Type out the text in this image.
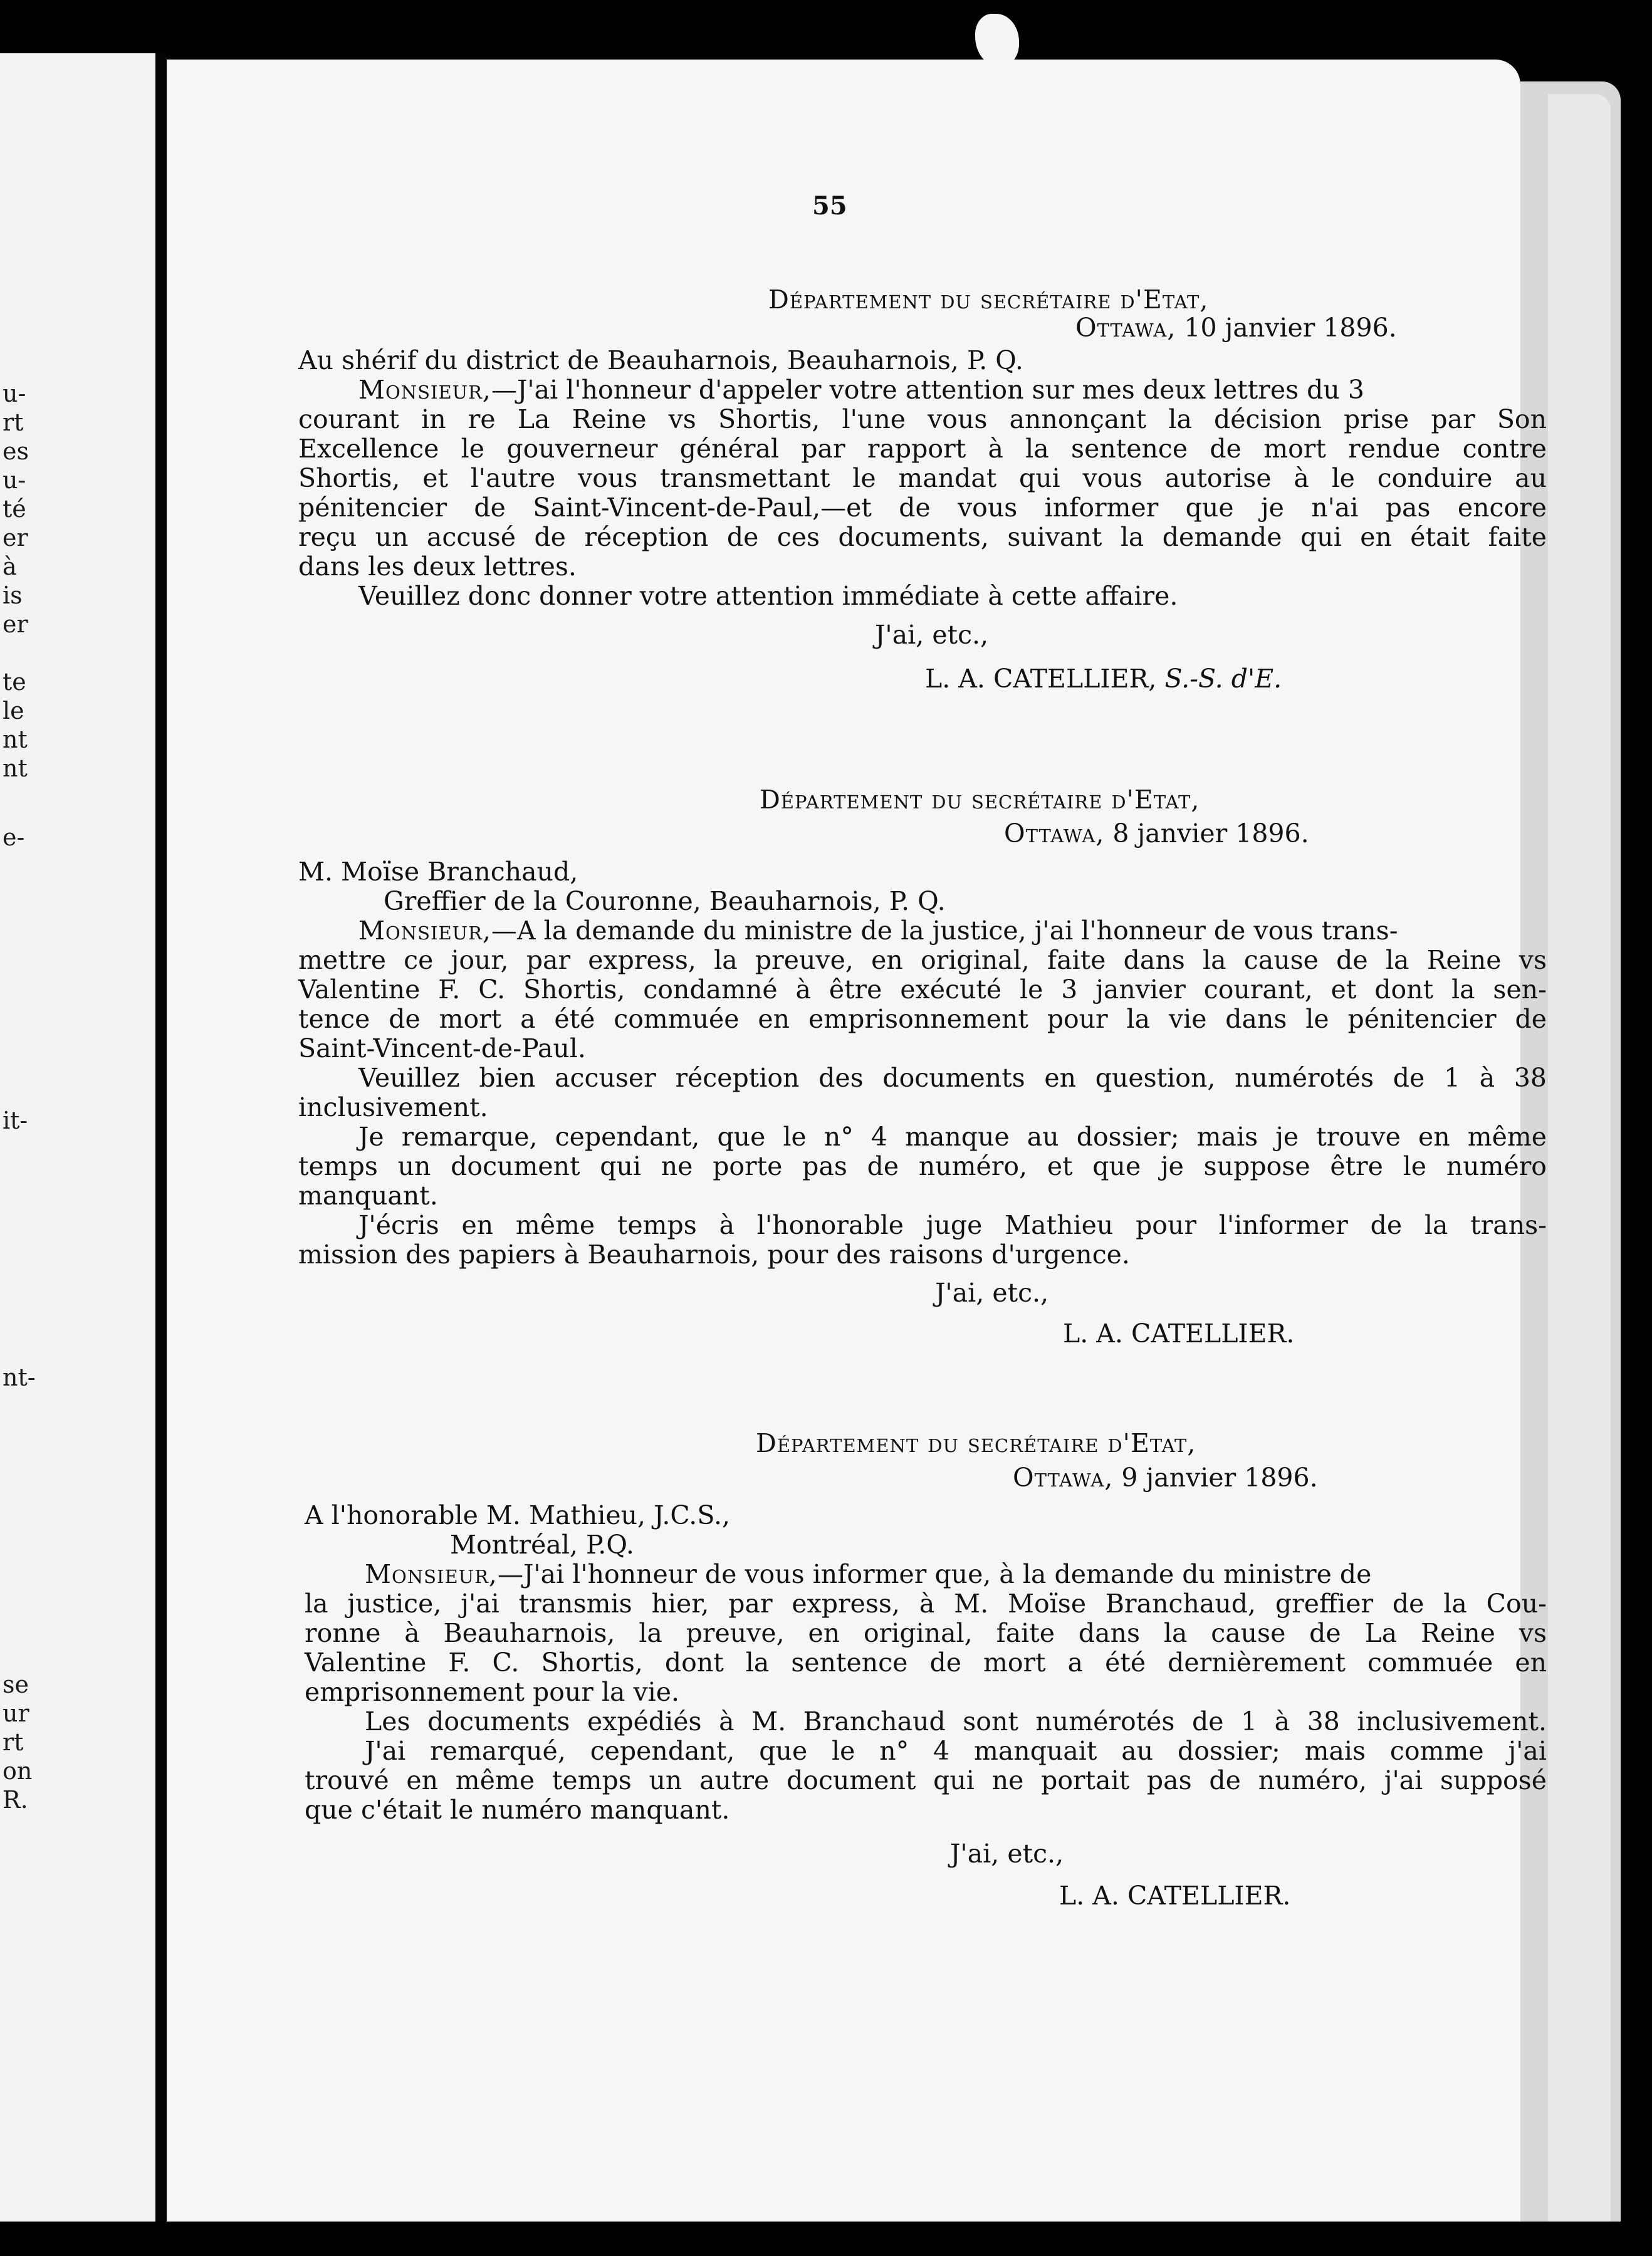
u-
rt
es
u-
té
er
à
is
er
te
le
nt
nt
e-
it-
nt-
se
ur
rt
on
R.
55
Département du secrétaire d'Etat,
Ottawa, 10 janvier 1896.
Au shérif du district de Beauharnois, Beauharnois, P. Q.
Monsieur,—J'ai l'honneur d'appeler votre attention sur mes deux lettres du 3
courant in re La Reine vs Shortis, l'une vous annonçant la décision prise par Son
Excellence le gouverneur général par rapport à la sentence de mort rendue contre
Shortis, et l'autre vous transmettant le mandat qui vous autorise à le conduire au
pénitencier de Saint-Vincent-de-Paul,—et de vous informer que je n'ai pas encore
reçu un accusé de réception de ces documents, suivant la demande qui en était faite
dans les deux lettres.
Veuillez donc donner votre attention immédiate à cette affaire.
J'ai, etc.,
L. A. CATELLIER, S.-S. d'E.
Département du secrétaire d'Etat,
Ottawa, 8 janvier 1896.
M. Moïse Branchaud,
Greffier de la Couronne, Beauharnois, P. Q.
Monsieur,—A la demande du ministre de la justice, j'ai l'honneur de vous trans-
mettre ce jour, par express, la preuve, en original, faite dans la cause de la Reine vs
Valentine F. C. Shortis, condamné à être exécuté le 3 janvier courant, et dont la sen-
tence de mort a été commuée en emprisonnement pour la vie dans le pénitencier de
Saint-Vincent-de-Paul.
Veuillez bien accuser réception des documents en question, numérotés de 1 à 38
inclusivement.
Je remarque, cependant, que le n° 4 manque au dossier; mais je trouve en même
temps un document qui ne porte pas de numéro, et que je suppose être le numéro
manquant.
J'écris en même temps à l'honorable juge Mathieu pour l'informer de la trans-
mission des papiers à Beauharnois, pour des raisons d'urgence.
J'ai, etc.,
L. A. CATELLIER.
Département du secrétaire d'Etat,
Ottawa, 9 janvier 1896.
A l'honorable M. Mathieu, J.C.S.,
Montréal, P.Q.
Monsieur,—J'ai l'honneur de vous informer que, à la demande du ministre de
la justice, j'ai transmis hier, par express, à M. Moïse Branchaud, greffier de la Cou-
ronne à Beauharnois, la preuve, en original, faite dans la cause de La Reine vs
Valentine F. C. Shortis, dont la sentence de mort a été dernièrement commuée en
emprisonnement pour la vie.
Les documents expédiés à M. Branchaud sont numérotés de 1 à 38 inclusivement.
J'ai remarqué, cependant, que le n° 4 manquait au dossier; mais comme j'ai
trouvé en même temps un autre document qui ne portait pas de numéro, j'ai supposé
que c'était le numéro manquant.
J'ai, etc.,
L. A. CATELLIER.
